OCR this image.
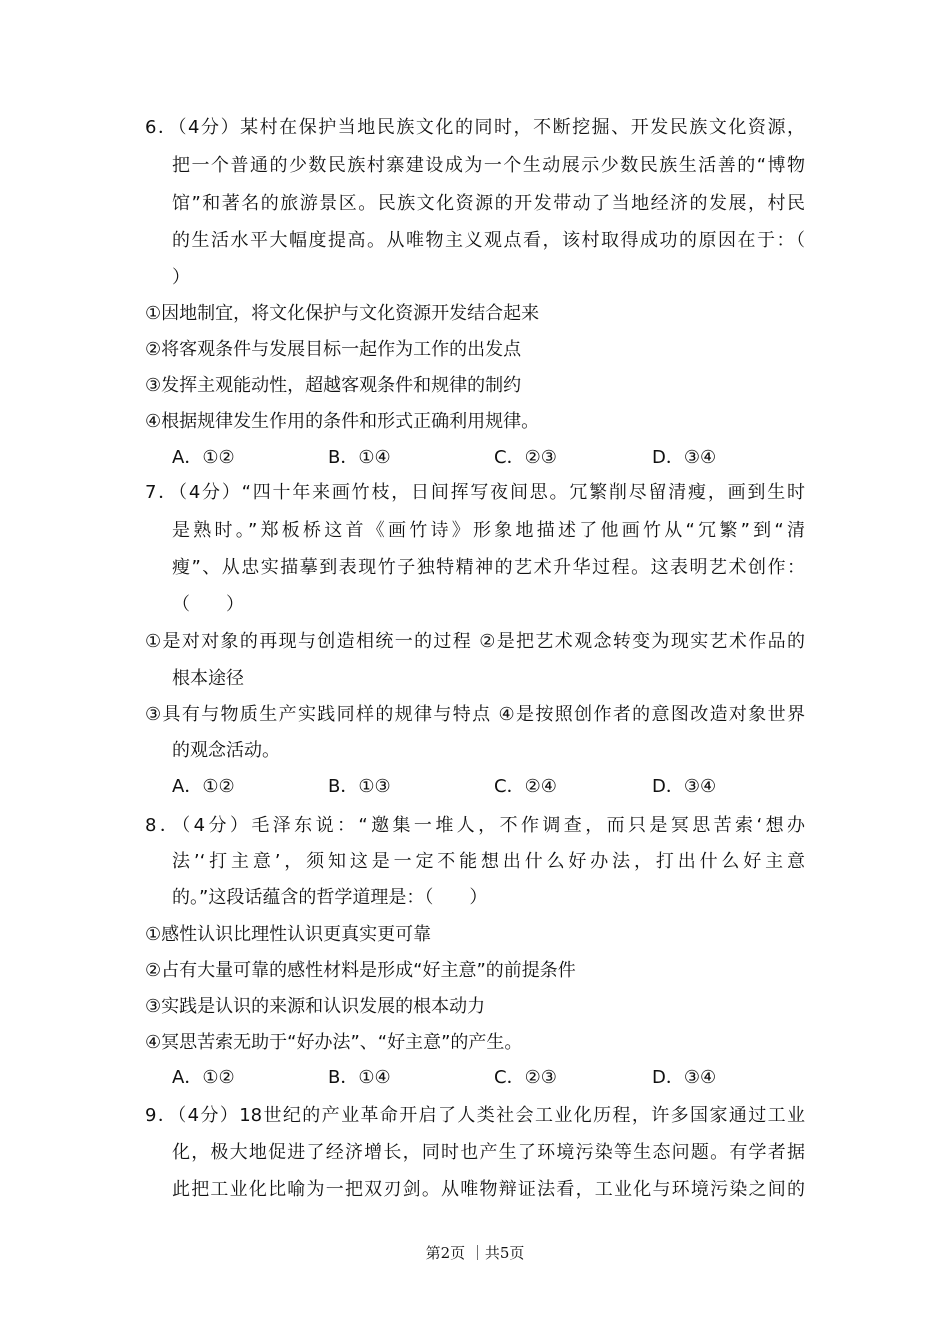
6．（4分）某村在保护当地民族文化的同时，不断挖掘、开发民族文化资源，
把一个普通的少数民族村寨建设成为一个生动展示少数民族生活善的“博物
馆”和著名的旅游景区。民族文化资源的开发带动了当地经济的发展，村民
的生活水平大幅度提高。从唯物主义观点看，该村取得成功的原因在于：（
）
①因地制宜，将文化保护与文化资源开发结合起来
②将客观条件与发展目标一起作为工作的出发点
③发挥主观能动性，超越客观条件和规律的制约
④根据规律发生作用的条件和形式正确利用规律。
A．①②	B．①④	C．②③	D．③④
7．（4分）“四十年来画竹枝，日间挥写夜间思。冗繁削尽留清瘦，画到生时
是熟时。”郑板桥这首《画竹诗》形象地描述了他画竹从“冗繁”到“清
瘦”、从忠实描摹到表现竹子独特精神的艺术升华过程。这表明艺术创作：
（　　）
①是对对象的再现与创造相统一的过程 ②是把艺术观念转变为现实艺术作品的
根本途径
③具有与物质生产实践同样的规律与特点 ④是按照创作者的意图改造对象世界
的观念活动。
A．①②	B．①③	C．②④	D．③④
8．（4分）毛泽东说：“邀集一堆人，不作调查，而只是冥思苦索‘想办
法’‘打主意’，须知这是一定不能想出什么好办法，打出什么好主意
的。”这段话蕴含的哲学道理是：（　　）
①感性认识比理性认识更真实更可靠
②占有大量可靠的感性材料是形成“好主意”的前提条件
③实践是认识的来源和认识发展的根本动力
④冥思苦索无助于“好办法”、“好主意”的产生。
A．①②	B．①④	C．②③	D．③④
9．（4分）18世纪的产业革命开启了人类社会工业化历程，许多国家通过工业
化，极大地促进了经济增长，同时也产生了环境污染等生态问题。有学者据
此把工业化比喻为一把双刃剑。从唯物辩证法看，工业化与环境污染之间的
第2页 ｜共5页
